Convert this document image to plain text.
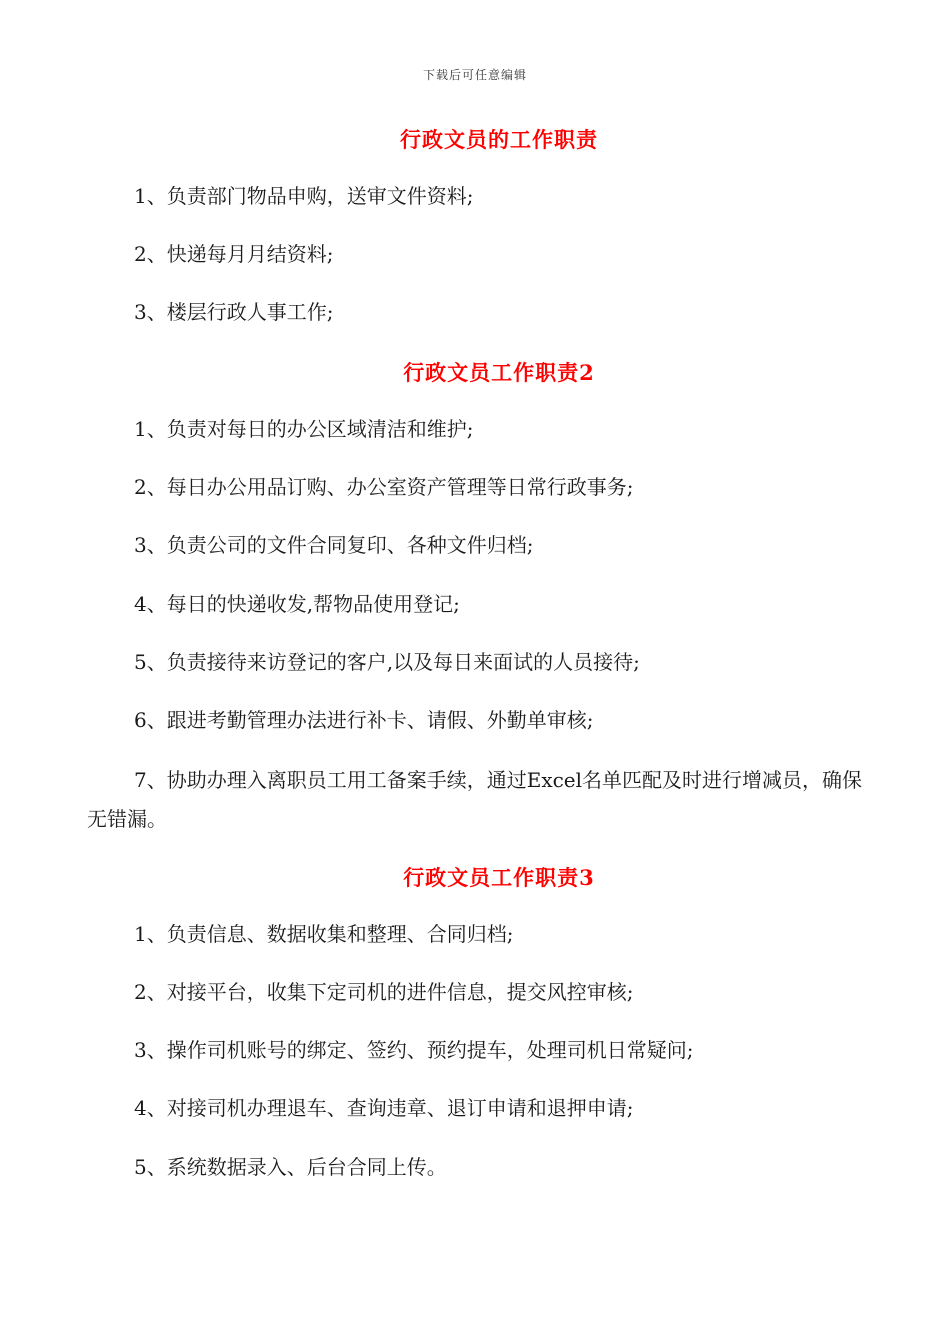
下载后可任意编辑
行政文员的工作职责
1、负责部门物品申购，送审文件资料;
2、快递每月月结资料;
3、楼层行政人事工作;
行政文员工作职责2
1、负责对每日的办公区域清洁和维护;
2、每日办公用品订购、办公室资产管理等日常行政事务;
3、负责公司的文件合同复印、各种文件归档;
4、每日的快递收发,帮物品使用登记;
5、负责接待来访登记的客户,以及每日来面试的人员接待;
6、跟进考勤管理办法进行补卡、请假、外勤单审核;
7、协助办理入离职员工用工备案手续，通过Excel名单匹配及时进行增减员，确保无错漏。
行政文员工作职责3
1、负责信息、数据收集和整理、合同归档;
2、对接平台，收集下定司机的进件信息，提交风控审核;
3、操作司机账号的绑定、签约、预约提车，处理司机日常疑问;
4、对接司机办理退车、查询违章、退订申请和退押申请;
5、系统数据录入、后台合同上传。
